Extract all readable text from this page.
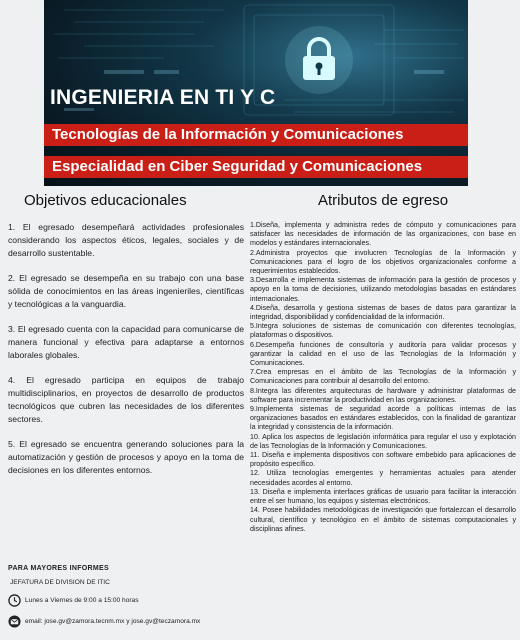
INGENIERIA EN TI Y C
Tecnologías de la Información y Comunicaciones
Especialidad en Ciber Seguridad y Comunicaciones
Objetivos educacionales

1. El egresado desempeñará actividades profesionales considerando los aspectos éticos, legales, sociales y de desarrollo sustentable.

2. El egresado se desempeña en su trabajo con una base sólida de conocimientos en las áreas ingenieriles, científicas y tecnológicas a la vanguardia.

3. El egresado cuenta con la capacidad para comunicarse de manera funcional y efectiva para adaptarse a entornos laborales globales.

4. El egresado participa en equipos de trabajo multidisciplinarios, en proyectos de desarrollo de productos tecnológicos que cubren las necesidades de los diferentes sectores.

5. El egresado se encuentra generando soluciones para la automatización y gestión de procesos y apoyo en la toma de decisiones en los diferentes entornos.

Atributos de egreso

1.Diseña, implementa y administra redes de cómputo y comunicaciones para satisfacer las necesidades de información de las organizaciones, con base en modelos y estándares internacionales.

2.Administra proyectos que involucren Tecnologías de la Información y Comunicaciones para el logro de los objetivos organizacionales conforme a requerimientos establecidos.

3.Desarrolla e implementa sistemas de información para la gestión de procesos y apoyo en la toma de decisiones, utilizando metodologías basadas en estándares internacionales.

4.Diseña, desarrolla y gestiona sistemas de bases de datos para garantizar la integridad, disponibilidad y confidencialidad de la información.

5.Integra soluciones de sistemas de comunicación con diferentes tecnologías, plataformas o dispositivos.

6.Desempeña funciones de consultoría y auditoría para validar procesos y garantizar la calidad en el uso de las Tecnologías de la Información y Comunicaciones.

7.Crea empresas en el ámbito de las Tecnologías de la Información y Comunicaciones para contribuir al desarrollo del entorno.

8.Integra las diferentes arquitecturas de hardware y administrar plataformas de software para incrementar la productividad en las organizaciones.

9.Implementa sistemas de seguridad acorde a políticas internas de las organizaciones basados en estándares establecidos, con la finalidad de garantizar la integridad y consistencia de la información.

10. Aplica los aspectos de legislación informática para regular el uso y explotación de las Tecnologías de la Información y Comunicaciones.

11. Diseña e implementa dispositivos con software embebido para aplicaciones de propósito específico.

12. Utiliza tecnologías emergentes y herramientas actuales para atender necesidades acordes al entorno.

13. Diseña e implementa interfaces gráficas de usuario para facilitar la interacción entre el ser humano, los equipos y sistemas electrónicos.

14. Posee habilidades metodológicas de investigación que fortalezcan el desarrollo cultural, científico y tecnológico en el ámbito de sistemas computacionales y disciplinas afines.

PARA MAYORES INFORMES
JEFATURA DE DIVISION DE ITIC
Lunes a Viernes de 9:00 a 15:00 horas
email: jose.gv@zamora.tecnm.mx y jose.gv@teczamora.mx
